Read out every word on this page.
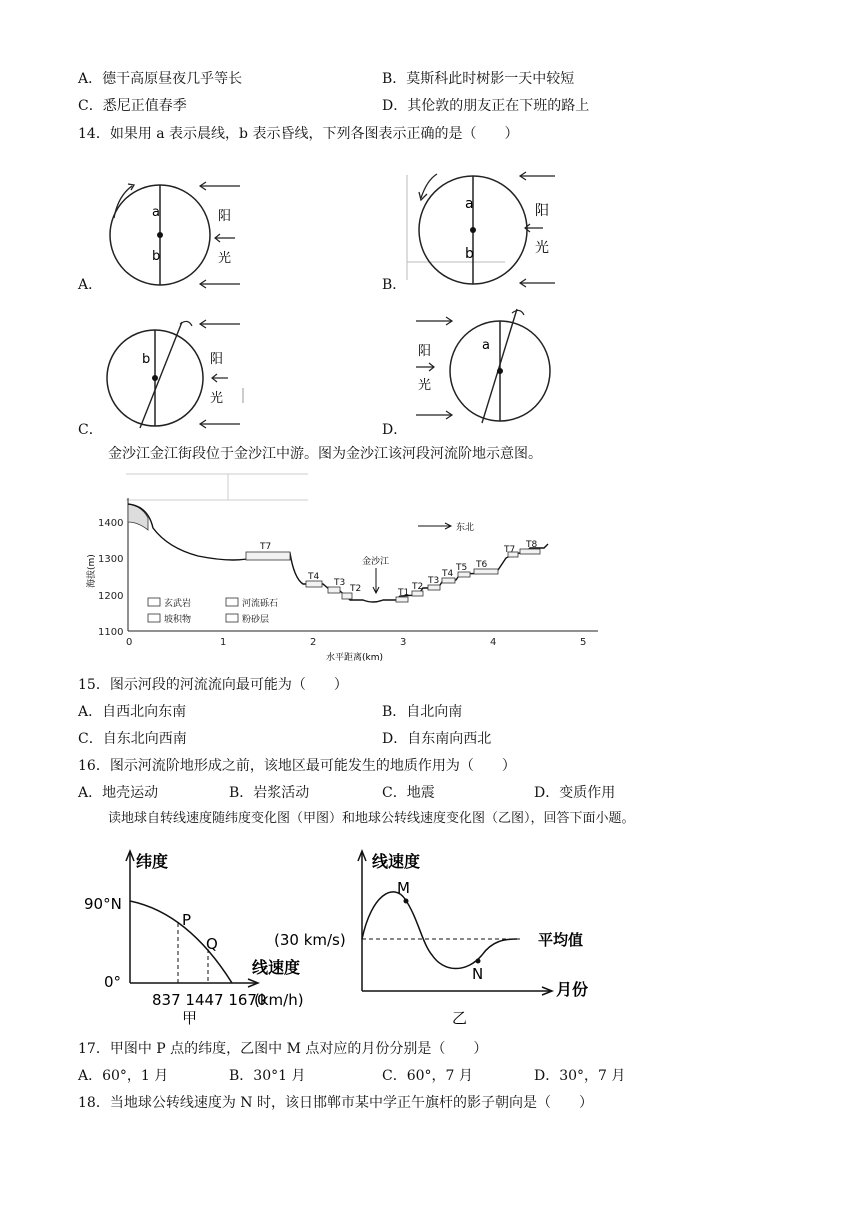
A．德干高原昼夜几乎等长	B．莫斯科此时树影一天中较短
C．悉尼正值春季	D．其伦敦的朋友正在下班的路上
14．如果用 a 表示晨线，b 表示昏线，下列各图表示正确的是（　　）
a
b
阳
光
A．
a
b
阳
光
B．
b	阳
光
C．
a
阳
光
D．
金沙江金江街段位于金沙江中游。图为金沙江该河段河流阶地示意图。
1400
1300
1200
1100
0	1	2	3	4	5
水平距离(km)
海拔(m)
T7
T4
T3
T2	T1
T2
T3
T4
T5 T6
T7 T8
金沙江
东北
玄武岩	河流砾石
坡积物	粉砂层
15．图示河段的河流流向最可能为（　　）
A．自西北向东南	B．自北向南
C．自东北向西南	D．自东南向西北
16．图示河流阶地形成之前，该地区最可能发生的地质作用为（　　）
A．地壳运动	B．岩浆活动	C．地震	D．变质作用
读地球自转线速度随纬度变化图（甲图）和地球公转线速度变化图（乙图），回答下面小题。
纬度
90°N
0°
P
Q
线速度
837 1447 1670
(km/h)
甲
线速度
M
N
(30 km/s)	平均值
月份
乙
17．甲图中 P 点的纬度，乙图中 M 点对应的月份分别是（　　）
A．60°，1 月	B．30°1 月	C．60°，7 月	D．30°，7 月
18．当地球公转线速度为 N 时，该日邯郸市某中学正午旗杆的影子朝向是（　　）
